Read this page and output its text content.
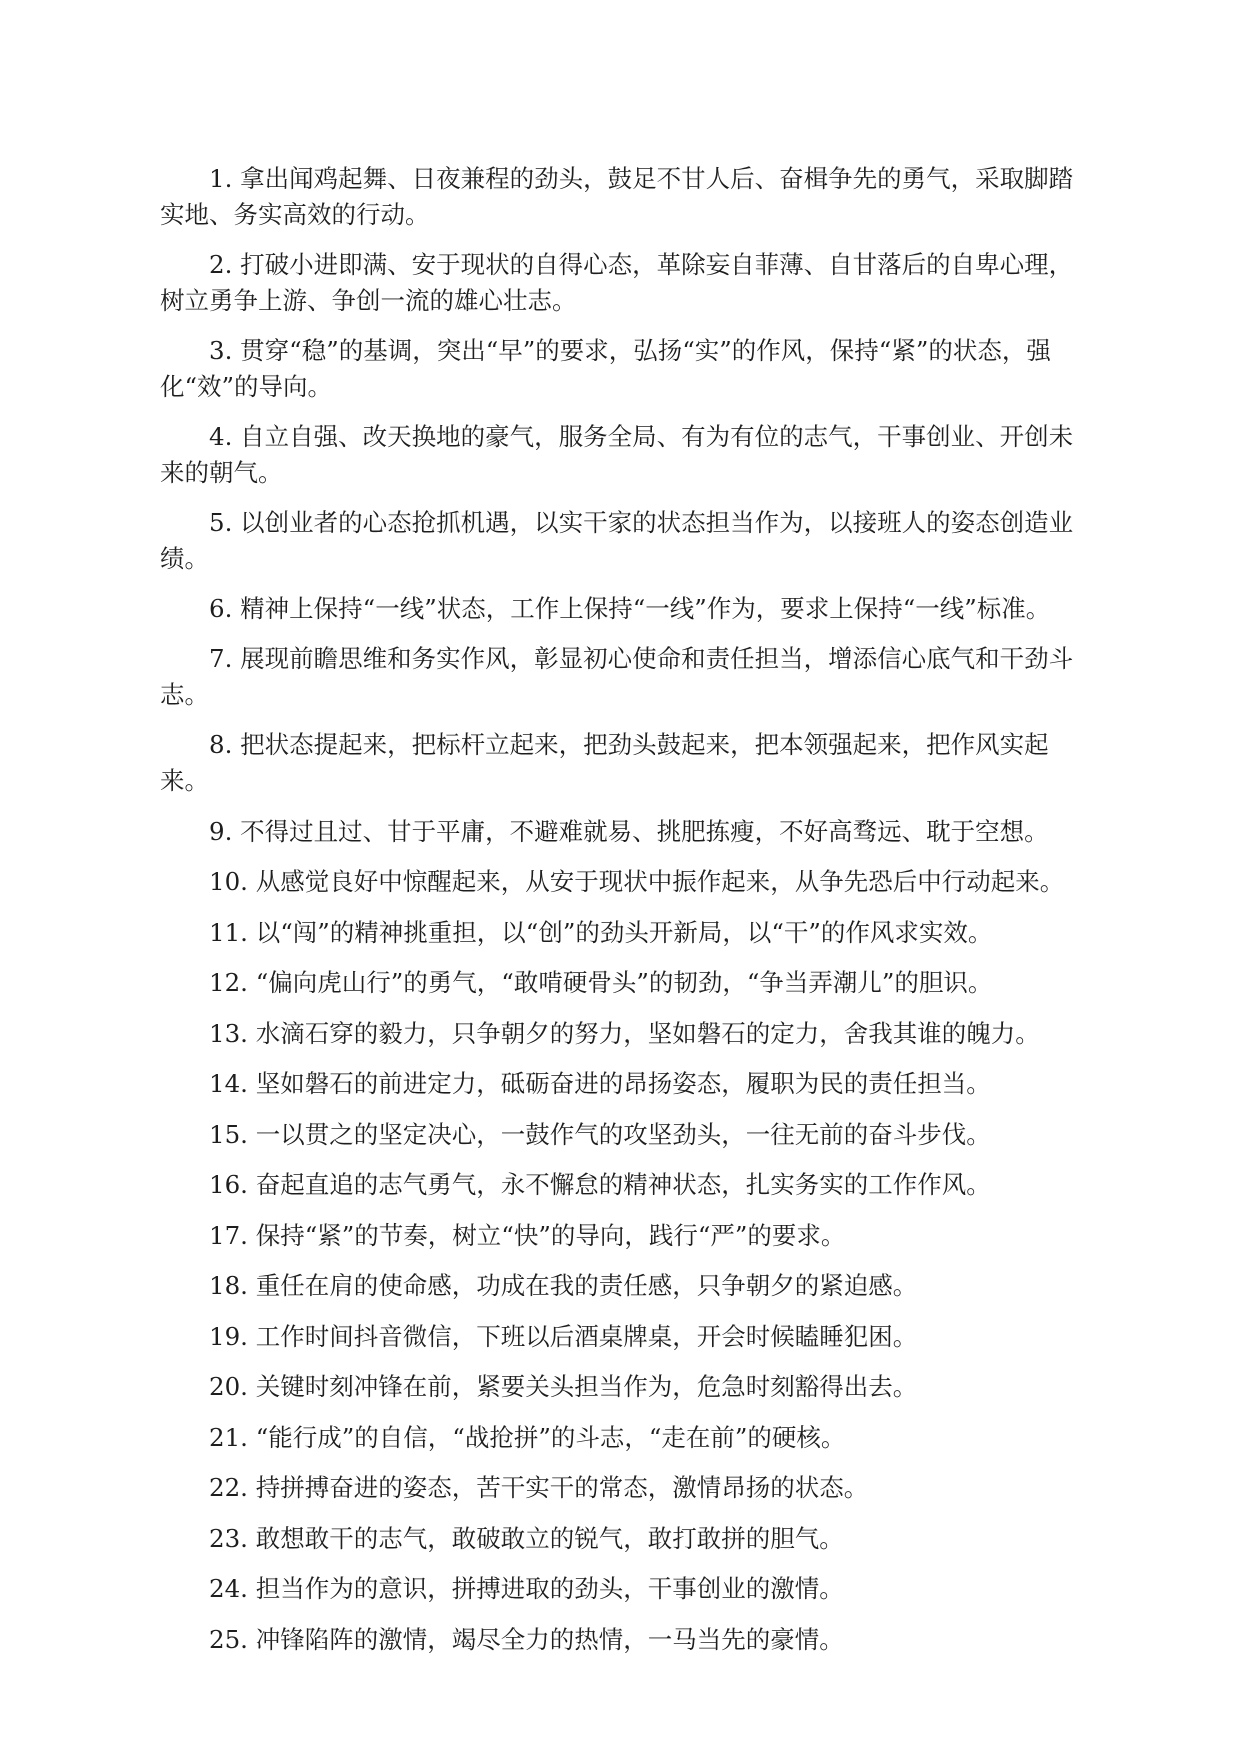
1. 拿出闻鸡起舞、日夜兼程的劲头，鼓足不甘人后、奋楫争先的勇气，采取脚踏实地、务实高效的行动。

2. 打破小进即满、安于现状的自得心态，革除妄自菲薄、自甘落后的自卑心理，树立勇争上游、争创一流的雄心壮志。

3. 贯穿“稳”的基调，突出“早”的要求，弘扬“实”的作风，保持“紧”的状态，强化“效”的导向。

4. 自立自强、改天换地的豪气，服务全局、有为有位的志气，干事创业、开创未来的朝气。

5. 以创业者的心态抢抓机遇，以实干家的状态担当作为，以接班人的姿态创造业绩。

6. 精神上保持“一线”状态，工作上保持“一线”作为，要求上保持“一线”标准。

7. 展现前瞻思维和务实作风，彰显初心使命和责任担当，增添信心底气和干劲斗志。

8. 把状态提起来，把标杆立起来，把劲头鼓起来，把本领强起来，把作风实起来。

9. 不得过且过、甘于平庸，不避难就易、挑肥拣瘦，不好高骛远、耽于空想。

10. 从感觉良好中惊醒起来，从安于现状中振作起来，从争先恐后中行动起来。

11. 以“闯”的精神挑重担，以“创”的劲头开新局，以“干”的作风求实效。

12. “偏向虎山行”的勇气，“敢啃硬骨头”的韧劲，“争当弄潮儿”的胆识。

13. 水滴石穿的毅力，只争朝夕的努力，坚如磐石的定力，舍我其谁的魄力。

14. 坚如磐石的前进定力，砥砺奋进的昂扬姿态，履职为民的责任担当。

15. 一以贯之的坚定决心，一鼓作气的攻坚劲头，一往无前的奋斗步伐。

16. 奋起直追的志气勇气，永不懈怠的精神状态，扎实务实的工作作风。

17. 保持“紧”的节奏，树立“快”的导向，践行“严”的要求。

18. 重任在肩的使命感，功成在我的责任感，只争朝夕的紧迫感。

19. 工作时间抖音微信，下班以后酒桌牌桌，开会时候瞌睡犯困。

20. 关键时刻冲锋在前，紧要关头担当作为，危急时刻豁得出去。

21. “能行成”的自信，“战抢拼”的斗志，“走在前”的硬核。

22. 持拼搏奋进的姿态，苦干实干的常态，激情昂扬的状态。

23. 敢想敢干的志气，敢破敢立的锐气，敢打敢拼的胆气。

24. 担当作为的意识，拼搏进取的劲头，干事创业的激情。

25. 冲锋陷阵的激情，竭尽全力的热情，一马当先的豪情。
